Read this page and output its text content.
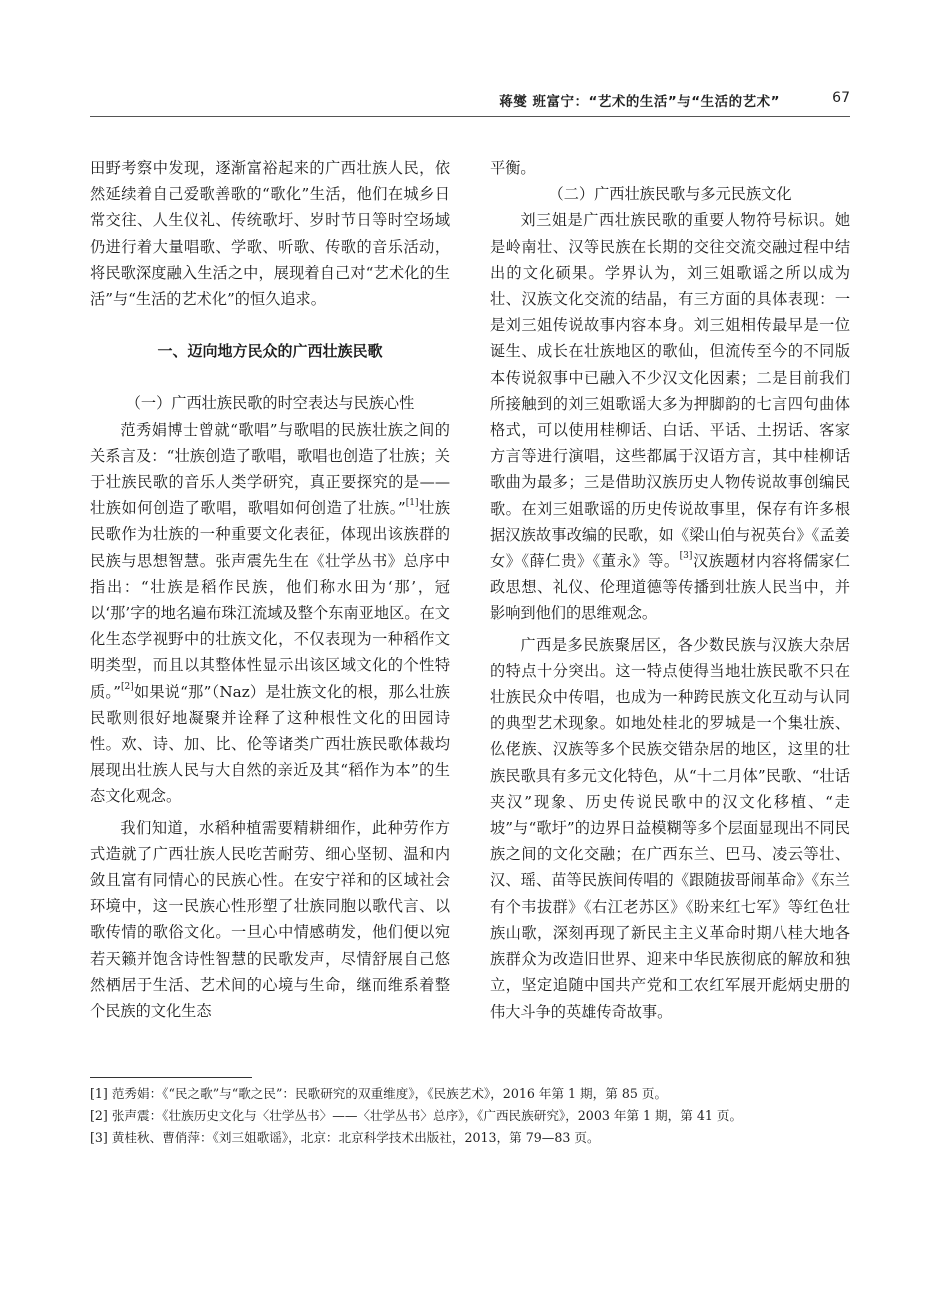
蒋燮 班富宁：“艺术的生活”与“生活的艺术”	67

田野考察中发现，逐渐富裕起来的广西壮族人民，依然延续着自己爱歌善歌的“歌化”生活，他们在城乡日常交往、人生仪礼、传统歌圩、岁时节日等时空场域仍进行着大量唱歌、学歌、听歌、传歌的音乐活动，将民歌深度融入生活之中，展现着自己对“艺术化的生活”与“生活的艺术化”的恒久追求。

一、迈向地方民众的广西壮族民歌

（一）广西壮族民歌的时空表达与民族心性

范秀娟博士曾就“歌唱”与歌唱的民族壮族之间的关系言及：“壮族创造了歌唱，歌唱也创造了壮族；关于壮族民歌的音乐人类学研究，真正要探究的是——壮族如何创造了歌唱，歌唱如何创造了壮族。”[1]壮族民歌作为壮族的一种重要文化表征，体现出该族群的民族与思想智慧。张声震先生在《壮学丛书》总序中指出：“壮族是稻作民族，他们称水田为‘那’，冠以‘那’字的地名遍布珠江流域及整个东南亚地区。在文化生态学视野中的壮族文化，不仅表现为一种稻作文明类型，而且以其整体性显示出该区域文化的个性特质。”[2]如果说“那”（Naz）是壮族文化的根，那么壮族民歌则很好地凝聚并诠释了这种根性文化的田园诗性。欢、诗、加、比、伦等诸类广西壮族民歌体裁均展现出壮族人民与大自然的亲近及其“稻作为本”的生态文化观念。

我们知道，水稻种植需要精耕细作，此种劳作方式造就了广西壮族人民吃苦耐劳、细心坚韧、温和内敛且富有同情心的民族心性。在安宁祥和的区域社会环境中，这一民族心性形塑了壮族同胞以歌代言、以歌传情的歌俗文化。一旦心中情感萌发，他们便以宛若天籁并饱含诗性智慧的民歌发声，尽情舒展自己悠然栖居于生活、艺术间的心境与生命，继而维系着整个民族的文化生态

平衡。

（二）广西壮族民歌与多元民族文化

刘三姐是广西壮族民歌的重要人物符号标识。她是岭南壮、汉等民族在长期的交往交流交融过程中结出的文化硕果。学界认为，刘三姐歌谣之所以成为壮、汉族文化交流的结晶，有三方面的具体表现：一是刘三姐传说故事内容本身。刘三姐相传最早是一位诞生、成长在壮族地区的歌仙，但流传至今的不同版本传说叙事中已融入不少汉文化因素；二是目前我们所接触到的刘三姐歌谣大多为押脚韵的七言四句曲体格式，可以使用桂柳话、白话、平话、土拐话、客家方言等进行演唱，这些都属于汉语方言，其中桂柳话歌曲为最多；三是借助汉族历史人物传说故事创编民歌。在刘三姐歌谣的历史传说故事里，保存有许多根据汉族故事改编的民歌，如《梁山伯与祝英台》《孟姜女》《薛仁贵》《董永》等。[3]汉族题材内容将儒家仁政思想、礼仪、伦理道德等传播到壮族人民当中，并影响到他们的思维观念。

广西是多民族聚居区，各少数民族与汉族大杂居的特点十分突出。这一特点使得当地壮族民歌不只在壮族民众中传唱，也成为一种跨民族文化互动与认同的典型艺术现象。如地处桂北的罗城是一个集壮族、仫佬族、汉族等多个民族交错杂居的地区，这里的壮族民歌具有多元文化特色，从“十二月体”民歌、“壮话夹汉”现象、历史传说民歌中的汉文化移植、“走坡”与“歌圩”的边界日益模糊等多个层面显现出不同民族之间的文化交融；在广西东兰、巴马、凌云等壮、汉、瑶、苗等民族间传唱的《跟随拔哥闹革命》《东兰有个韦拔群》《右江老苏区》《盼来红七军》等红色壮族山歌，深刻再现了新民主主义革命时期八桂大地各族群众为改造旧世界、迎来中华民族彻底的解放和独立，坚定追随中国共产党和工农红军展开彪炳史册的伟大斗争的英雄传奇故事。

[1] 范秀娟：《“民之歌”与“歌之民”：民歌研究的双重维度》，《民族艺术》，2016 年第 1 期，第 85 页。

[2] 张声震：《壮族历史文化与〈壮学丛书〉——〈壮学丛书〉总序》，《广西民族研究》，2003 年第 1 期，第 41 页。

[3] 黄桂秋、曹俏萍：《刘三姐歌谣》，北京：北京科学技术出版社，2013，第 79—83 页。
